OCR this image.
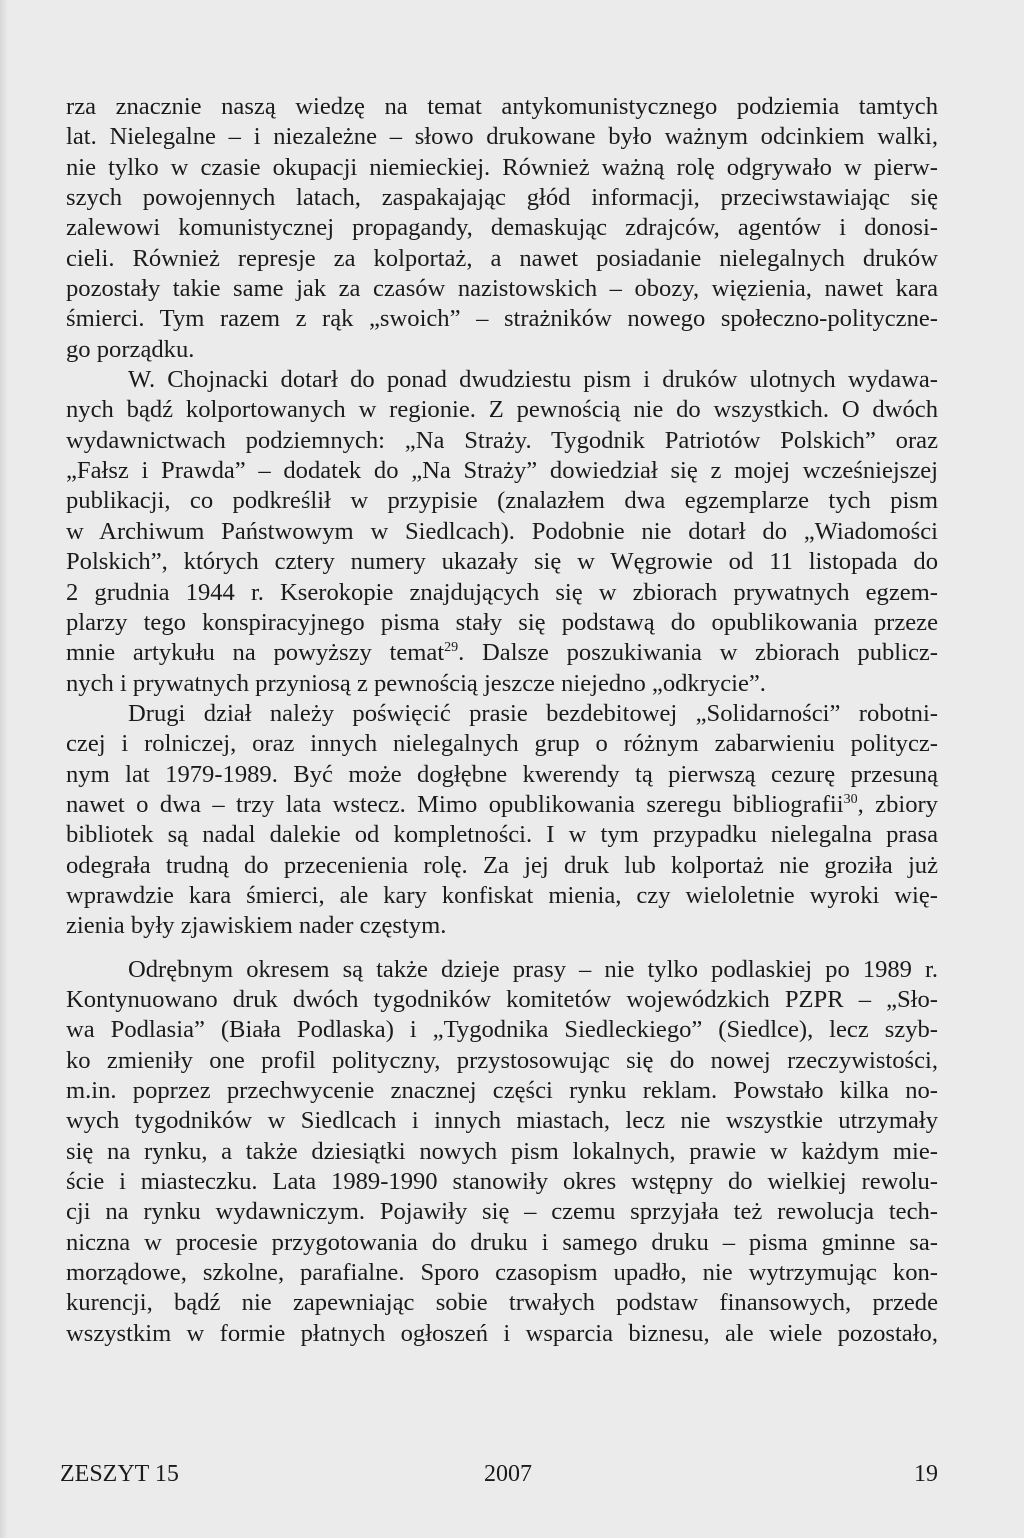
rza znacznie naszą wiedzę na temat antykomunistycznego podziemia tamtych
lat. Nielegalne – i niezależne – słowo drukowane było ważnym odcinkiem walki,
nie tylko w czasie okupacji niemieckiej. Również ważną rolę odgrywało w pierw-
szych powojennych latach, zaspakajając głód informacji, przeciwstawiając się
zalewowi komunistycznej propagandy, demaskując zdrajców, agentów i donosi-
cieli. Również represje za kolportaż, a nawet posiadanie nielegalnych druków
pozostały takie same jak za czasów nazistowskich – obozy, więzienia, nawet kara
śmierci. Tym razem z rąk „swoich” – strażników nowego społeczno-polityczne-
go porządku.

W. Chojnacki dotarł do ponad dwudziestu pism i druków ulotnych wydawa-
nych bądź kolportowanych w regionie. Z pewnością nie do wszystkich. O dwóch
wydawnictwach podziemnych: „Na Straży. Tygodnik Patriotów Polskich” oraz
„Fałsz i Prawda” – dodatek do „Na Straży” dowiedział się z mojej wcześniejszej
publikacji, co podkreślił w przypisie (znalazłem dwa egzemplarze tych pism
w Archiwum Państwowym w Siedlcach). Podobnie nie dotarł do „Wiadomości
Polskich”, których cztery numery ukazały się w Węgrowie od 11 listopada do
2 grudnia 1944 r. Kserokopie znajdujących się w zbiorach prywatnych egzem-
plarzy tego konspiracyjnego pisma stały się podstawą do opublikowania przeze
mnie artykułu na powyższy temat$^{29}$. Dalsze poszukiwania w zbiorach publicz-
nych i prywatnych przyniosą z pewnością jeszcze niejedno „odkrycie”.

Drugi dział należy poświęcić prasie bezdebitowej „Solidarności” robotni-
czej i rolniczej, oraz innych nielegalnych grup o różnym zabarwieniu politycz-
nym lat 1979-1989. Być może dogłębne kwerendy tą pierwszą cezurę przesuną
nawet o dwa – trzy lata wstecz. Mimo opublikowania szeregu bibliografii$^{30}$, zbiory
bibliotek są nadal dalekie od kompletności. I w tym przypadku nielegalna prasa
odegrała trudną do przecenienia rolę. Za jej druk lub kolportaż nie groziła już
wprawdzie kara śmierci, ale kary konfiskat mienia, czy wieloletnie wyroki wię-
zienia były zjawiskiem nader częstym.

Odrębnym okresem są także dzieje prasy – nie tylko podlaskiej po 1989 r.
Kontynuowano druk dwóch tygodników komitetów wojewódzkich PZPR – „Sło-
wa Podlasia” (Biała Podlaska) i „Tygodnika Siedleckiego” (Siedlce), lecz szyb-
ko zmieniły one profil polityczny, przystosowując się do nowej rzeczywistości,
m.in. poprzez przechwycenie znacznej części rynku reklam. Powstało kilka no-
wych tygodników w Siedlcach i innych miastach, lecz nie wszystkie utrzymały
się na rynku, a także dziesiątki nowych pism lokalnych, prawie w każdym mie-
ście i miasteczku. Lata 1989-1990 stanowiły okres wstępny do wielkiej rewolu-
cji na rynku wydawniczym. Pojawiły się – czemu sprzyjała też rewolucja tech-
niczna w procesie przygotowania do druku i samego druku – pisma gminne sa-
morządowe, szkolne, parafialne. Sporo czasopism upadło, nie wytrzymując kon-
kurencji, bądź nie zapewniając sobie trwałych podstaw finansowych, przede
wszystkim w formie płatnych ogłoszeń i wsparcia biznesu, ale wiele pozostało,

ZESZYT 15	2007	19
